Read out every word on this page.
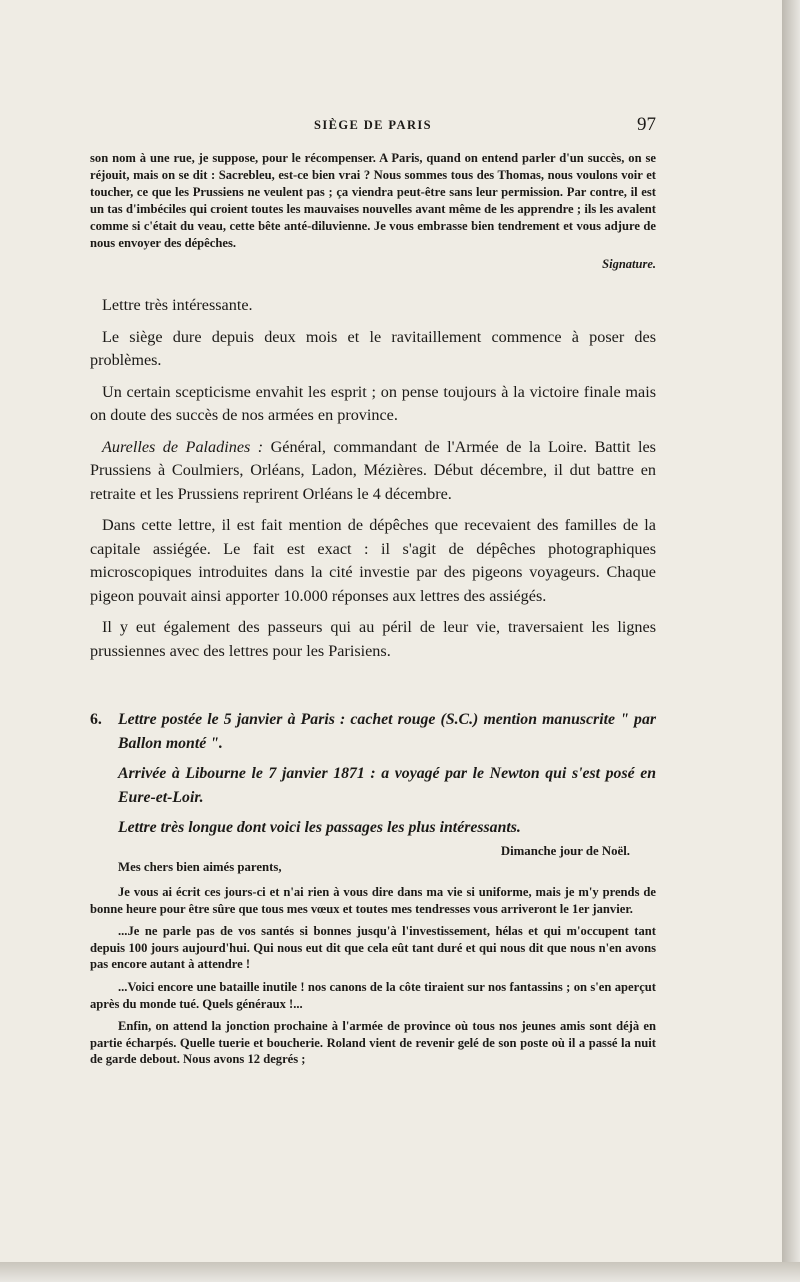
SIÈGE DE PARIS	97

son nom à une rue, je suppose, pour le récompenser. A Paris, quand on entend parler d'un succès, on se réjouit, mais on se dit : Sacrebleu, est-ce bien vrai ? Nous sommes tous des Thomas, nous voulons voir et toucher, ce que les Prussiens ne veulent pas ; ça viendra peut-être sans leur permission. Par contre, il est un tas d'imbéciles qui croient toutes les mauvaises nouvelles avant même de les apprendre ; ils les avalent comme si c'était du veau, cette bête anté-diluvienne. Je vous embrasse bien tendrement et vous adjure de nous envoyer des dépêches.

Signature.

Lettre très intéressante.

Le siège dure depuis deux mois et le ravitaillement commence à poser des problèmes.

Un certain scepticisme envahit les esprit ; on pense toujours à la victoire finale mais on doute des succès de nos armées en province.

Aurelles de Paladines : Général, commandant de l'Armée de la Loire. Battit les Prussiens à Coulmiers, Orléans, Ladon, Mézières. Début décembre, il dut battre en retraite et les Prussiens reprirent Orléans le 4 décembre.

Dans cette lettre, il est fait mention de dépêches que recevaient des familles de la capitale assiégée. Le fait est exact : il s'agit de dépêches photographiques microscopiques introduites dans la cité investie par des pigeons voyageurs. Chaque pigeon pouvait ainsi apporter 10.000 réponses aux lettres des assiégés.

Il y eut également des passeurs qui au péril de leur vie, traversaient les lignes prussiennes avec des lettres pour les Parisiens.

6. Lettre postée le 5 janvier à Paris : cachet rouge (S.C.) mention manuscrite " par Ballon monté ".

Arrivée à Libourne le 7 janvier 1871 : a voyagé par le Newton qui s'est posé en Eure-et-Loir.

Lettre très longue dont voici les passages les plus intéressants.

Dimanche jour de Noël.
Mes chers bien aimés parents,

Je vous ai écrit ces jours-ci et n'ai rien à vous dire dans ma vie si uniforme, mais je m'y prends de bonne heure pour être sûre que tous mes vœux et toutes mes tendresses vous arriveront le 1er janvier.

...Je ne parle pas de vos santés si bonnes jusqu'à l'investissement, hélas et qui m'occupent tant depuis 100 jours aujourd'hui. Qui nous eut dit que cela eût tant duré et qui nous dit que nous n'en avons pas encore autant à attendre !

...Voici encore une bataille inutile ! nos canons de la côte tiraient sur nos fantassins ; on s'en aperçut après du monde tué. Quels généraux !...

Enfin, on attend la jonction prochaine à l'armée de province où tous nos jeunes amis sont déjà en partie écharpés. Quelle tuerie et boucherie. Roland vient de revenir gelé de son poste où il a passé la nuit de garde debout. Nous avons 12 degrés ;
